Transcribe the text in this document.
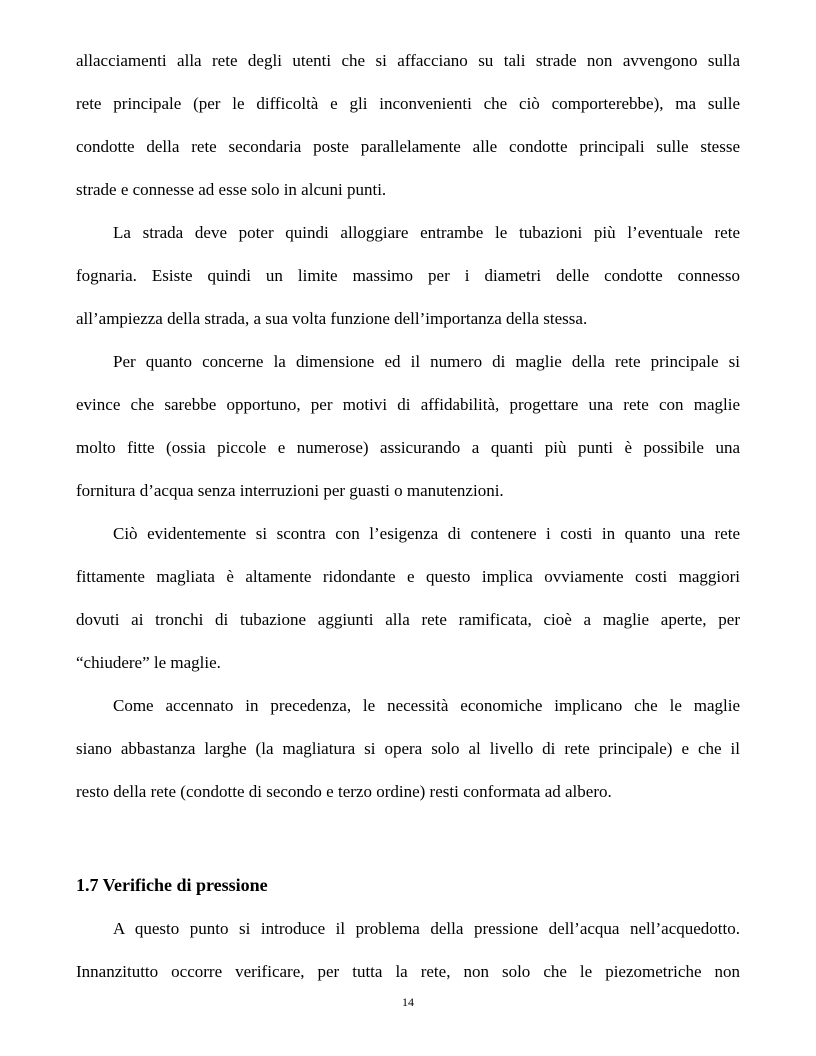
allacciamenti alla rete degli utenti che si affacciano su tali strade non avvengono sulla
rete principale (per le difficoltà e gli inconvenienti che ciò comporterebbe), ma sulle
condotte della rete secondaria poste parallelamente alle condotte principali sulle stesse
strade e connesse ad esse solo in alcuni punti.
La strada deve poter quindi alloggiare entrambe le tubazioni più l’eventuale rete
fognaria. Esiste quindi un limite massimo per i diametri delle condotte connesso
all’ampiezza della strada, a sua volta funzione dell’importanza della stessa.
Per quanto concerne la dimensione ed il numero di maglie della rete principale si
evince che sarebbe opportuno, per motivi di affidabilità, progettare una rete con maglie
molto fitte (ossia piccole e numerose) assicurando a quanti più punti è possibile una
fornitura d’acqua senza interruzioni per guasti o manutenzioni.
Ciò evidentemente si scontra con l’esigenza di contenere i costi in quanto una rete
fittamente magliata è altamente ridondante e questo implica ovviamente costi maggiori
dovuti ai tronchi di tubazione aggiunti alla rete ramificata, cioè a maglie aperte, per
“chiudere” le maglie.
Come accennato in precedenza, le necessità economiche implicano che le maglie
siano abbastanza larghe (la magliatura si opera solo al livello di rete principale) e che il
resto della rete (condotte di secondo e terzo ordine) resti conformata ad albero.
1.7 Verifiche di pressione
A questo punto si introduce il problema della pressione dell’acqua nell’acquedotto.
Innanzitutto occorre verificare, per tutta la rete, non solo che le piezometriche non
14
